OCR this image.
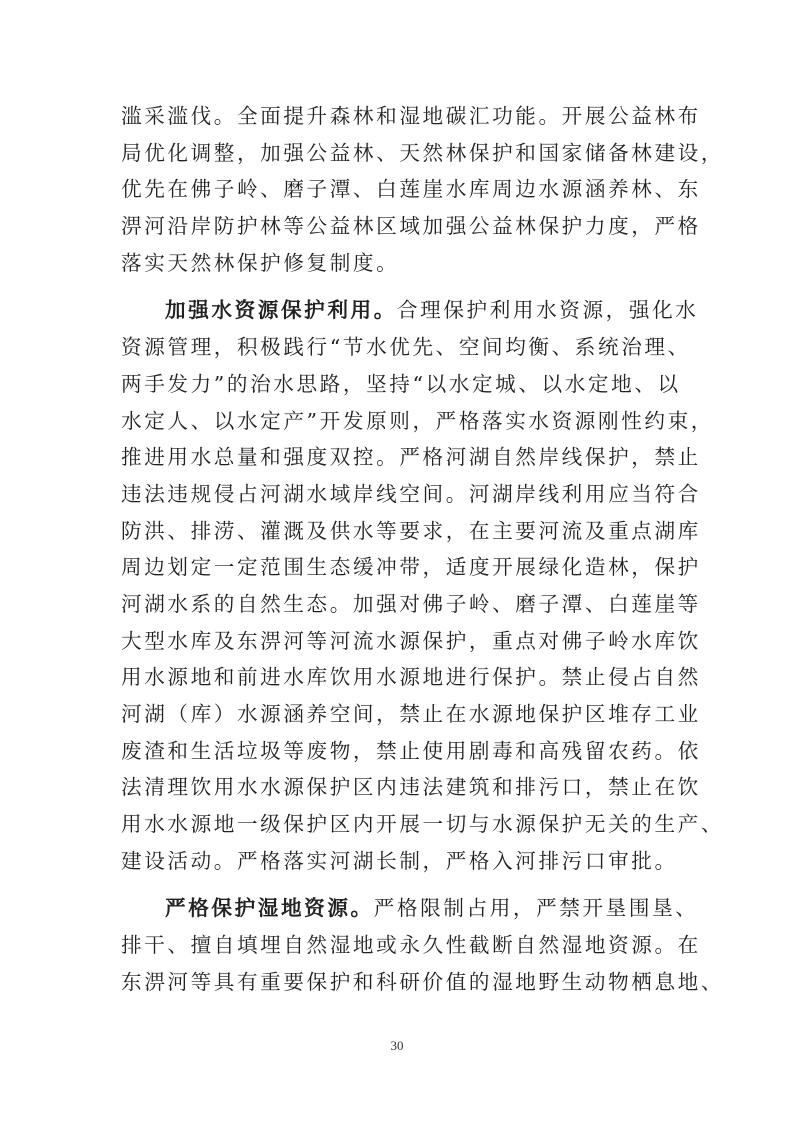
滥采滥伐。全面提升森林和湿地碳汇功能。开展公益林布
局优化调整，加强公益林、天然林保护和国家储备林建设，
优先在佛子岭、磨子潭、白莲崖水库周边水源涵养林、东
淠河沿岸防护林等公益林区域加强公益林保护力度，严格
落实天然林保护修复制度。
加强水资源保护利用。合理保护利用水资源，强化水
资源管理，积极践行“节水优先、空间均衡、系统治理、
两手发力”的治水思路，坚持“以水定城、以水定地、以
水定人、以水定产”开发原则，严格落实水资源刚性约束，
推进用水总量和强度双控。严格河湖自然岸线保护，禁止
违法违规侵占河湖水域岸线空间。河湖岸线利用应当符合
防洪、排涝、灌溉及供水等要求，在主要河流及重点湖库
周边划定一定范围生态缓冲带，适度开展绿化造林，保护
河湖水系的自然生态。加强对佛子岭、磨子潭、白莲崖等
大型水库及东淠河等河流水源保护，重点对佛子岭水库饮
用水源地和前进水库饮用水源地进行保护。禁止侵占自然
河湖（库）水源涵养空间，禁止在水源地保护区堆存工业
废渣和生活垃圾等废物，禁止使用剧毒和高残留农药。依
法清理饮用水水源保护区内违法建筑和排污口，禁止在饮
用水水源地一级保护区内开展一切与水源保护无关的生产、
建设活动。严格落实河湖长制，严格入河排污口审批。
严格保护湿地资源。严格限制占用，严禁开垦围垦、
排干、擅自填埋自然湿地或永久性截断自然湿地资源。在
东淠河等具有重要保护和科研价值的湿地野生动物栖息地、
30
